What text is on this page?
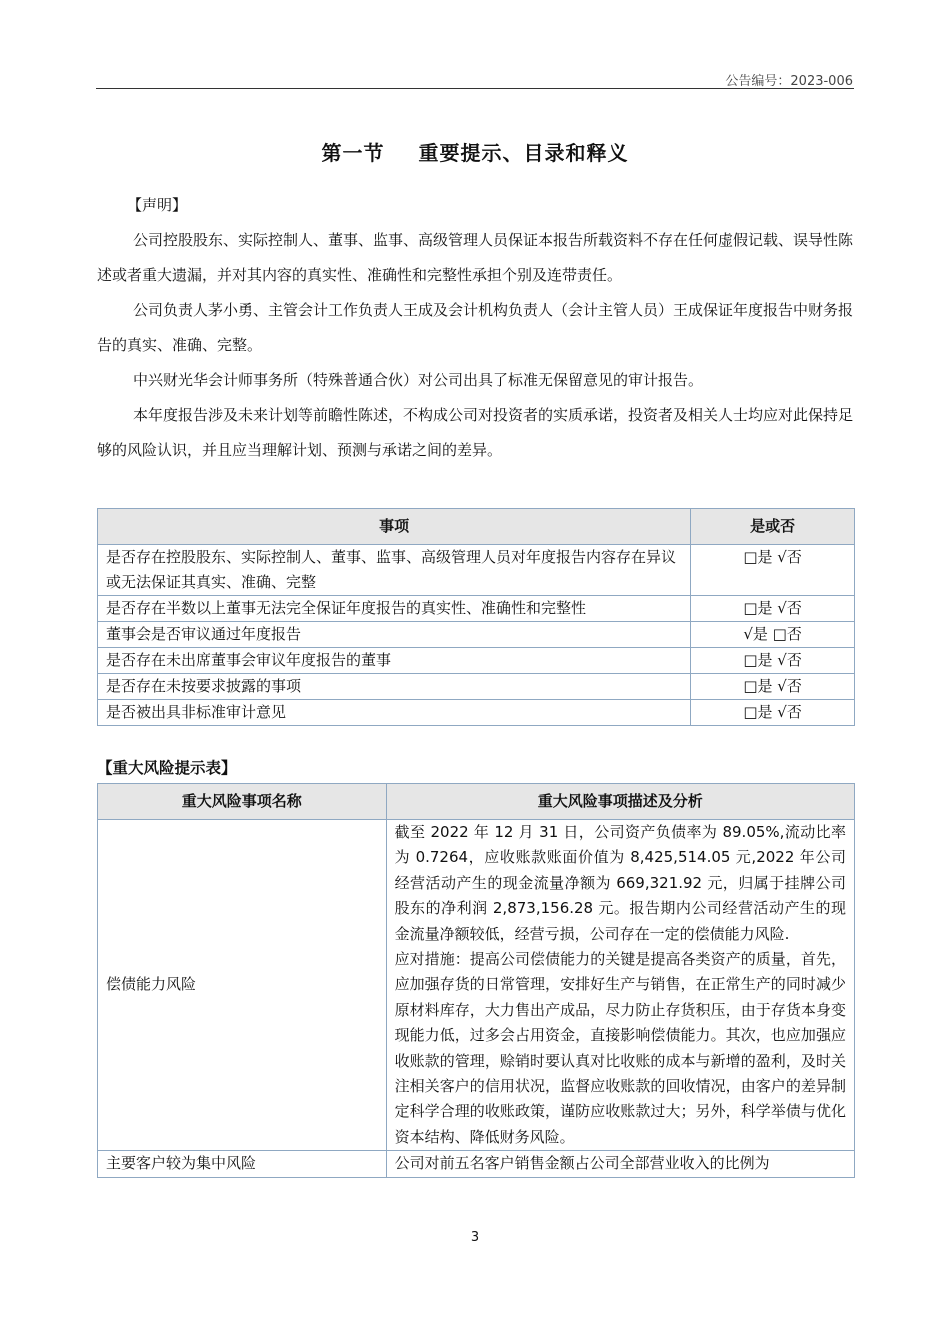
公告编号：2023-006
第一节 重要提示、目录和释义

【声明】

公司控股股东、实际控制人、董事、监事、高级管理人员保证本报告所载资料不存在任何虚假记载、误导性陈述或者重大遗漏，并对其内容的真实性、准确性和完整性承担个别及连带责任。

公司负责人茅小勇、主管会计工作负责人王成及会计机构负责人（会计主管人员）王成保证年度报告中财务报告的真实、准确、完整。

中兴财光华会计师事务所（特殊普通合伙）对公司出具了标准无保留意见的审计报告。

本年度报告涉及未来计划等前瞻性陈述，不构成公司对投资者的实质承诺，投资者及相关人士均应对此保持足够的风险认识，并且应当理解计划、预测与承诺之间的差异。

事项	是或否
是否存在控股股东、实际控制人、董事、监事、高级管理人员对年度报告内容存在异议或无法保证其真实、准确、完整	□是 √否
是否存在半数以上董事无法完全保证年度报告的真实性、准确性和完整性	□是 √否
董事会是否审议通过年度报告	√是 □否
是否存在未出席董事会审议年度报告的董事	□是 √否
是否存在未按要求披露的事项	□是 √否
是否被出具非标准审计意见	□是 √否
【重大风险提示表】
重大风险事项名称	重大风险事项描述及分析
偿债能力风险	截至 2022 年 12 月 31 日，公司资产负债率为 89.05%,流动比率为 0.7264，应收账款账面价值为 8,425,514.05 元,2022 年公司经营活动产生的现金流量净额为 669,321.92 元，归属于挂牌公司股东的净利润 2,873,156.28 元。报告期内公司经营活动产生的现金流量净额较低，经营亏损，公司存在一定的偿债能力风险.
应对措施：提高公司偿债能力的关键是提高各类资产的质量，首先，应加强存货的日常管理，安排好生产与销售，在正常生产的同时减少原材料库存，大力售出产成品，尽力防止存货积压，由于存货本身变现能力低，过多会占用资金，直接影响偿债能力。其次，也应加强应收账款的管理，赊销时要认真对比收账的成本与新增的盈利，及时关注相关客户的信用状况，监督应收账款的回收情况，由客户的差异制定科学合理的收账政策，谨防应收账款过大；另外，科学举债与优化资本结构、降低财务风险。

主要客户较为集中风险	公司对前五名客户销售金额占公司全部营业收入的比例为
3
